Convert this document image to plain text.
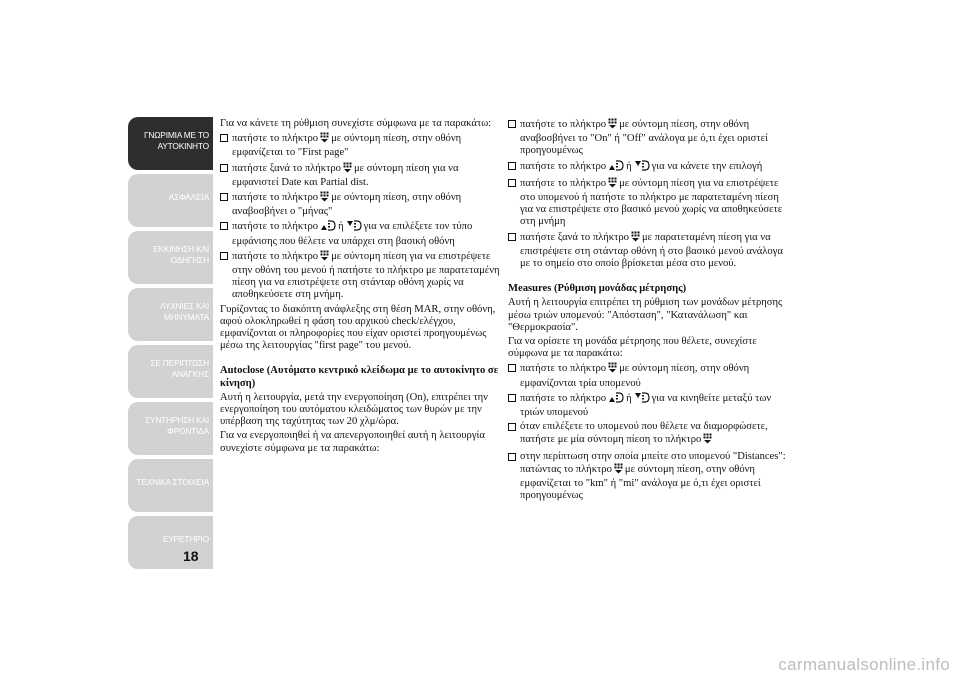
ΓΝΩΡΙΜΙΑ ΜΕ ΤΟ
ΑΥΤΟΚΙΝΗΤΟ
ΑΣΦΑΛΕΙΑ
ΕΚΚΙΝΗΣΗ ΚΑΙ
ΟΔΗΓΗΣΗ
ΛΥΧΝΙΕΣ ΚΑΙ
ΜΗΝΥΜΑΤΑ
ΣΕ ΠΕΡΙΠΤΩΣΗ
ΑΝΑΓΚΗΣ
ΣΥΝΤΗΡΗΣΗ ΚΑΙ
ΦΡΟΝΤΙΔΑ
ΤΕΧΝΙΚΑ ΣΤΟΙΧΕΙΑ
ΕΥΡΕΤΗΡΙΟ
18

Για να κάνετε τη ρύθμιση συνεχίστε σύμφωνα με τα παρακάτω:

πατήστε το πλήκτρο με σύντομη πίεση, στην οθόνη εμφανίζεται το "First page"
πατήστε ξανά το πλήκτρο με σύντομη πίεση για να εμφανιστεί Date και Partial dist.
πατήστε το πλήκτρο με σύντομη πίεση, στην οθόνη αναβοσβήνει ο "μήνας"
πατήστε το πλήκτρο ή για να επιλέξετε τον τύπο εμφάνισης που θέλετε να υπάρχει στη βασική οθόνη
πατήστε το πλήκτρο με σύντομη πίεση για να επιστρέψετε στην οθόνη του μενού ή πατήστε το πλήκτρο με παρατεταμένη πίεση για να επιστρέψετε στη στάνταρ οθόνη χωρίς να αποθηκεύσετε στη μνήμη.

Γυρίζοντας το διακόπτη ανάφλεξης στη θέση MAR, στην οθόνη, αφού ολοκληρωθεί η φάση του αρχικού check/ελέγχου, εμφανίζονται οι πληροφορίες που είχαν οριστεί προηγουμένως μέσω της λειτουργίας "first page" του μενού.

Autoclose (Αυτόματο κεντρικό κλείδωμα με το αυτοκίνητο σε κίνηση)

Αυτή η λειτουργία, μετά την ενεργοποίηση (On), επιτρέπει την ενεργοποίηση του αυτόματου κλειδώματος των θυρών με την υπέρβαση της ταχύτητας των 20 χλμ/ώρα.

Για να ενεργοποιηθεί ή να απενεργοποιηθεί αυτή η λειτουργία συνεχίστε σύμφωνα με τα παρακάτω:

πατήστε το πλήκτρο με σύντομη πίεση, στην οθόνη αναβοσβήνει το "On" ή "Off" ανάλογα με ό,τι έχει οριστεί προηγουμένως
πατήστε το πλήκτρο ή για να κάνετε την επιλογή
πατήστε το πλήκτρο με σύντομη πίεση για να επιστρέψετε στο υπομενού ή πατήστε το πλήκτρο με παρατεταμένη πίεση για να επιστρέψετε στο βασικό μενού χωρίς να αποθηκεύσετε στη μνήμη
πατήστε ξανά το πλήκτρο με παρατεταμένη πίεση για να επιστρέψετε στη στάνταρ οθόνη ή στο βασικό μενού ανάλογα με το σημείο στο οποίο βρίσκεται μέσα στο μενού.

Measures (Ρύθμιση μονάδας μέτρησης)

Αυτή η λειτουργία επιτρέπει τη ρύθμιση των μονάδων μέτρησης μέσω τριών υπομενού: "Απόσταση", "Κατανάλωση" και "Θερμοκρασία".

Για να ορίσετε τη μονάδα μέτρησης που θέλετε, συνεχίστε σύμφωνα με τα παρακάτω:

πατήστε το πλήκτρο με σύντομη πίεση, στην οθόνη εμφανίζονται τρία υπομενού
πατήστε το πλήκτρο ή για να κινηθείτε μεταξύ των τριών υπομενού
όταν επιλέξετε το υπομενού που θέλετε να διαμορφώσετε, πατήστε με μία σύντομη πίεση το πλήκτρο
στην περίπτωση στην οποία μπείτε στο υπομενού "Distances": πατώντας το πλήκτρο με σύντομη πίεση, στην οθόνη εμφανίζεται το "km" ή "mi" ανάλογα με ό,τι έχει οριστεί προηγουμένως
carmanualsonline.info
